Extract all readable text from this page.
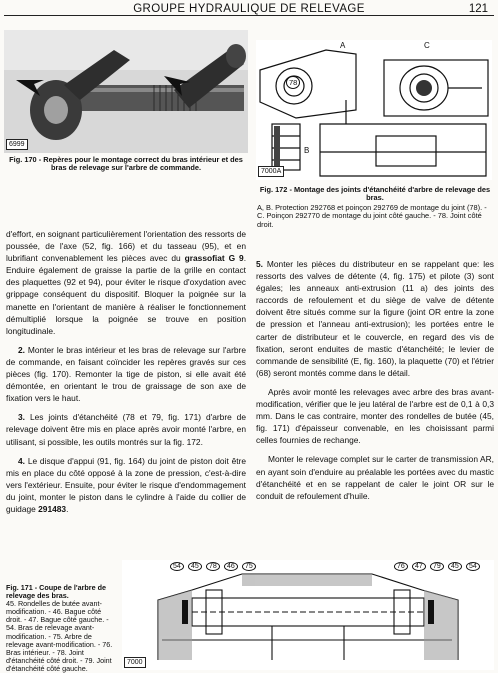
GROUPE HYDRAULIQUE DE RELEVAGE	121
6999
Fig. 170 - Repères pour le montage correct du bras intérieur et des bras de relevage sur l'arbre de commande.
A	C
B
78
7000A
Fig. 172 - Montage des joints d'étanchéité d'arbre de relevage des bras.
A, B. Protection 292768 et poinçon 292769 de montage du joint (78). - C. Poinçon 292770 de montage du joint côté gauche. - 78. Joint côté droit.

d'effort, en soignant particulièrement l'orientation des ressorts de poussée, de l'axe (52, fig. 166) et du tasseau (95), et en lubrifiant convenablement les pièces avec du grassofiat G 9. Enduire également de graisse la partie de la grille en contact des plaquettes (92 et 94), pour éviter le risque d'oxydation avec grippage conséquent du dispositif. Bloquer la poignée sur la manette en l'orientant de manière à réaliser le fonctionnement démultiplié lorsque la poignée se trouve en position longitudinale.

2. Monter le bras intérieur et les bras de relevage sur l'arbre de commande, en faisant coïncider les repères gravés sur ces pièces (fig. 170). Remonter la tige de piston, si elle avait été démontée, en orientant le trou de graissage de son axe de fixation vers le haut.

3. Les joints d'étanchéité (78 et 79, fig. 171) d'arbre de relevage doivent être mis en place après avoir monté l'arbre, en utilisant, si possible, les outils montrés sur la fig. 172.

4. Le disque d'appui (91, fig. 164) du joint de piston doit être mis en place du côté opposé à la zone de pression, c'est-à-dire vers l'extérieur. Ensuite, pour éviter le risque d'endommagement du joint, monter le piston dans le cylindre à l'aide du collier de guidage 291483.

5. Monter les pièces du distributeur en se rappelant que: les ressorts des valves de détente (4, fig. 175) et pilote (3) sont égales; les anneaux anti-extrusion (11 a) des joints des raccords de refoulement et du siège de valve de détente doivent être situés comme sur la figure (joint OR entre la zone de pression et l'anneau anti-extrusion); les portées entre le carter de distributeur et le couvercle, en regard des vis de fixation, seront enduites de mastic d'étanchéité; le levier de commande de sensibilité (E, fig. 160), la plaquette (70) et l'étrier (68) seront montés comme dans le détail.

Après avoir monté les relevages avec arbre des bras avant-modification, vérifier que le jeu latéral de l'arbre est de 0,1 à 0,3 mm. Dans le cas contraire, monter des rondelles de butée (45, fig. 171) d'épaisseur convenable, en les choisissant parmi celles fournies de rechange.

Monter le relevage complet sur le carter de transmission AR, en ayant soin d'enduire au préalable les portées avec du mastic d'étanchéité et en se rappelant de caler le joint OR sur le conduit de refoulement d'huile.

Fig. 171 - Coupe de l'arbre de relevage des bras.
45. Rondelles de butée avant-modification. - 46. Bague côté droit. - 47. Bague côté gauche. - 54. Bras de relevage avant-modification. - 75. Arbre de relevage avant-modification. - 76. Bras intérieur. - 78. Joint d'étanchéité côté droit. - 79. Joint d'étanchéité côté gauche.
54	45	78	46	75	76	47	79	45	54
7000
